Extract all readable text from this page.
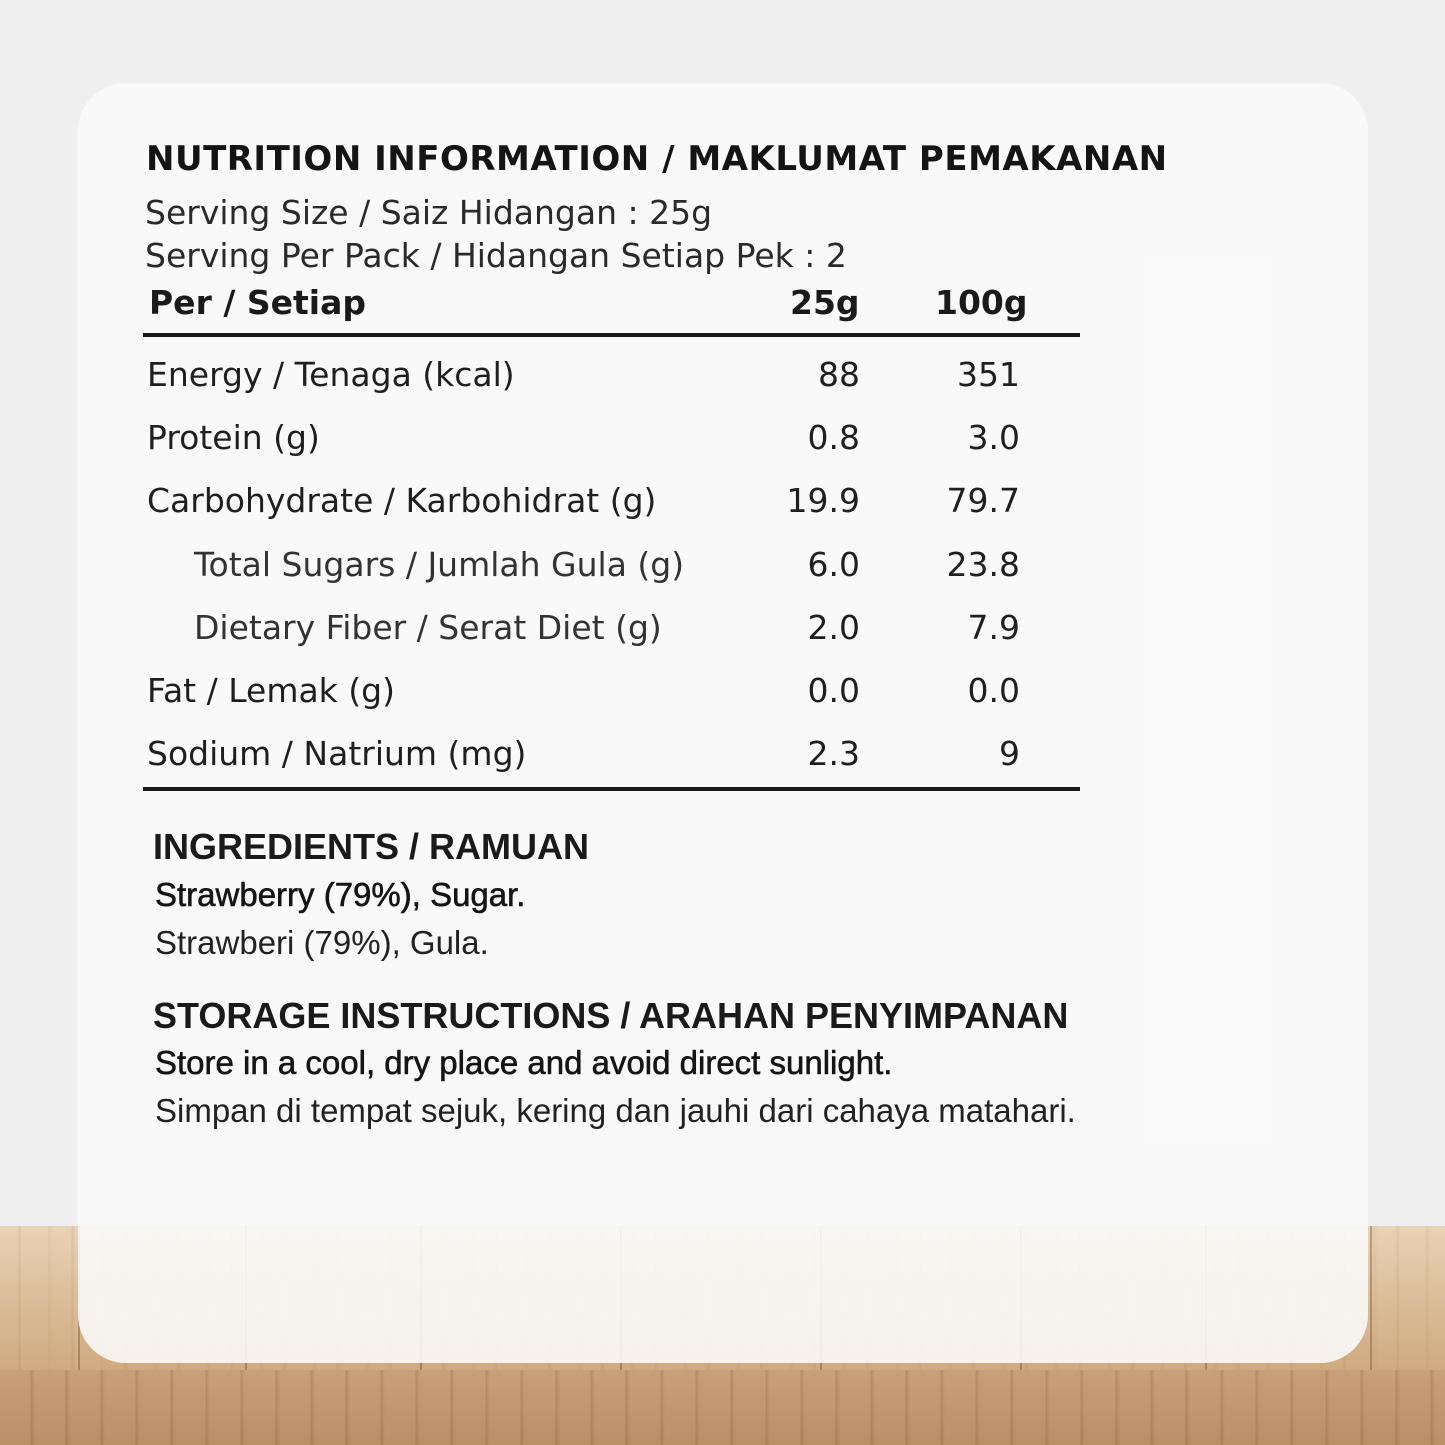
NUTRITION INFORMATION / MAKLUMAT PEMAKANAN
Serving Size / Saiz Hidangan : 25g
Serving Per Pack / Hidangan Setiap Pek : 2
Per / Setiap	25g 100g
Energy / Tenaga (kcal)	88	351
Protein (g)	0.8	3.0
Carbohydrate / Karbohidrat (g)	19.9	79.7
Total Sugars / Jumlah Gula (g)	6.0	23.8
Dietary Fiber / Serat Diet (g)	2.0	7.9
Fat / Lemak (g)	0.0	0.0
Sodium / Natrium (mg)	2.3	9
INGREDIENTS / RAMUAN
Strawberry (79%), Sugar.
Strawberi (79%), Gula.
STORAGE INSTRUCTIONS / ARAHAN PENYIMPANAN
Store in a cool, dry place and avoid direct sunlight.
Simpan di tempat sejuk, kering dan jauhi dari cahaya matahari.
